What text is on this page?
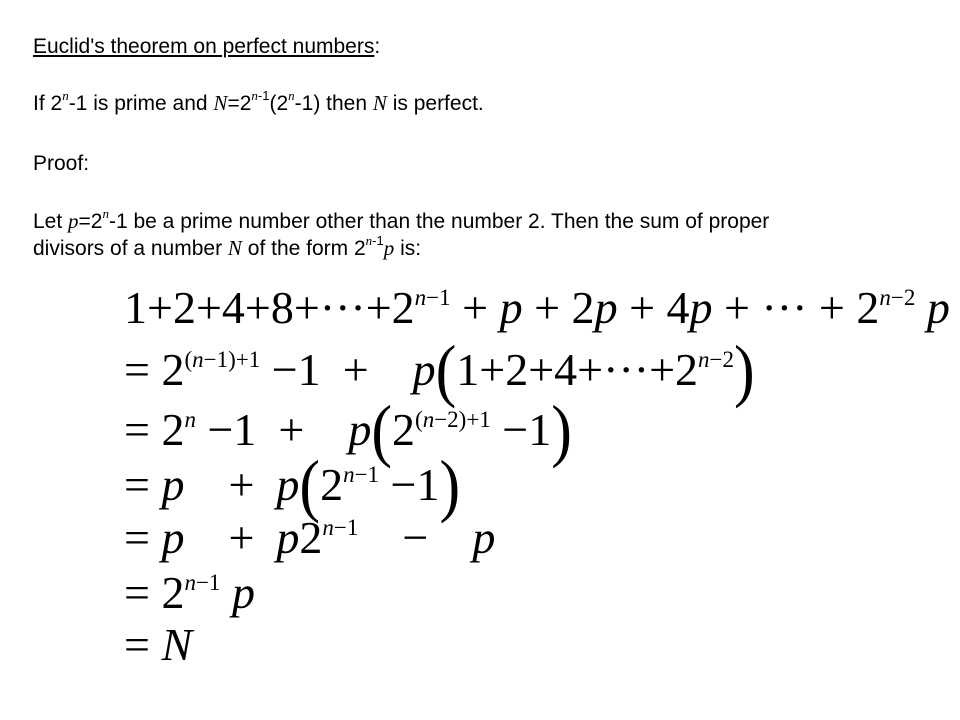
Euclid's theorem on perfect numbers:
If 2$^n$-1 is prime and $N=2^{n-1}(2^n-1)$ then N is perfect.
Proof:
Let $p=2^n-1$ be a prime number other than the number 2. Then the sum of proper
divisors of a number N of the form 2$^{n-1}$p is:
$1+2+4+8+\cdot\cdot\cdot+2^{n-1} + p + 2p + 4p$ + ··· + $2^{n-2}$ p
= $2^{(n-1)+1} -1 + p(1+2+4+\cdot\cdot\cdot+2^{n-2})$
= $2^n -1 + p(2^{(n-2)+1} -1)$
= $p + p(2^{n-1} -1)$
= $p + p2^{n-1} - p$
= $2^{n-1}$ p
= N
